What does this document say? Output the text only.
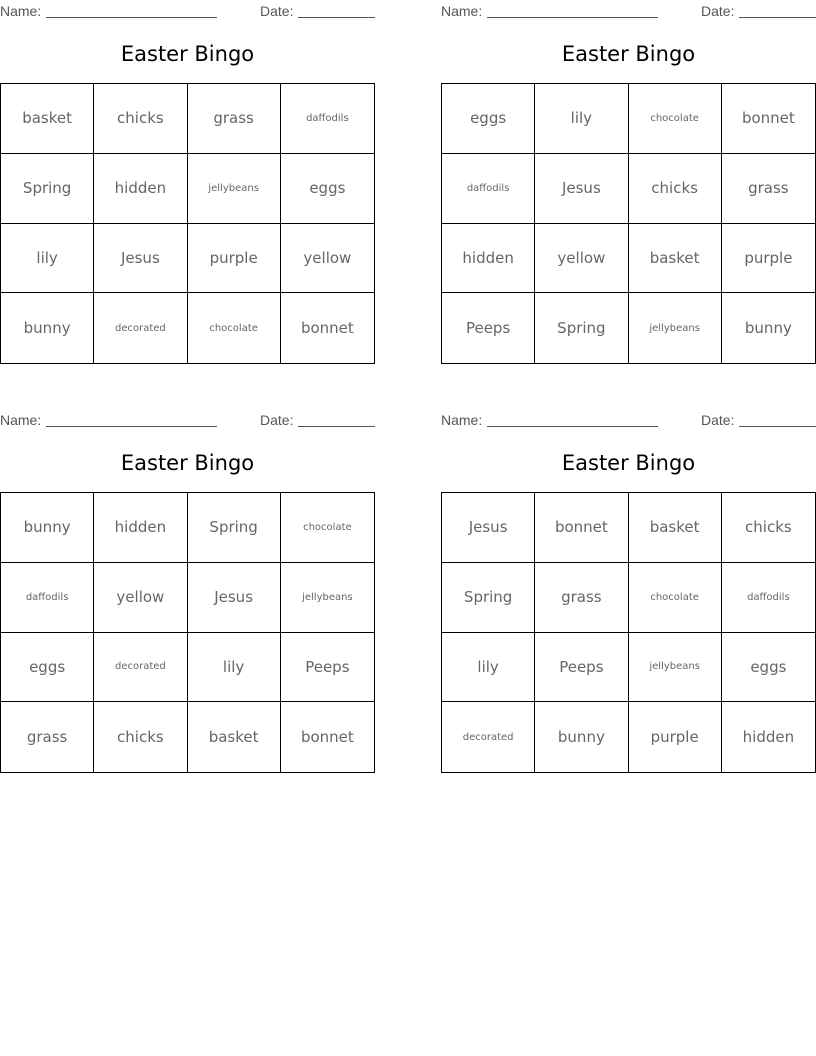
Name:	Date:
Easter Bingo
basket	chicks	grass	daffodils
Spring	hidden	jellybeans	eggs
lily	Jesus	purple	yellow
bunny	decorated	chocolate	bonnet
Name:	Date:
Easter Bingo
eggs	lily	chocolate	bonnet
daffodils	Jesus	chicks	grass
hidden	yellow	basket	purple
Peeps	Spring	jellybeans	bunny
Name:	Date:
Easter Bingo
bunny	hidden	Spring	chocolate
daffodils	yellow	Jesus	jellybeans
eggs	decorated	lily	Peeps
grass	chicks	basket	bonnet
Name:	Date:
Easter Bingo
Jesus	bonnet	basket	chicks
Spring	grass	chocolate	daffodils
lily	Peeps	jellybeans	eggs
decorated	bunny	purple	hidden
